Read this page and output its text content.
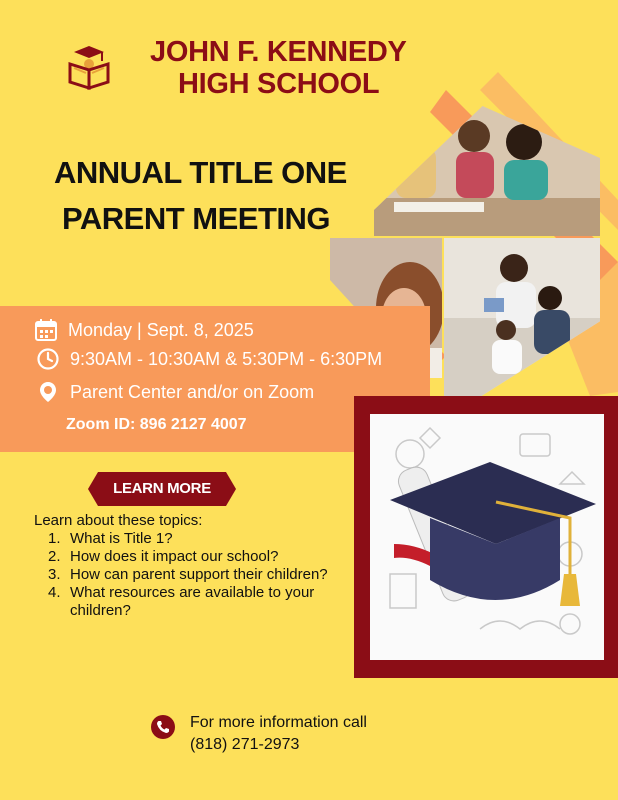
JOHN F. KENNEDY
HIGH SCHOOL
ANNUAL TITLE ONE
PARENT MEETING
Monday | Sept. 8, 2025
9:30AM - 10:30AM & 5:30PM - 6:30PM
Parent Center and/or on Zoom
Zoom ID: 896 2127 4007
LEARN MORE
Learn about these topics:
1. What is Title 1?
2. How does it impact our school?
3. How can parent support their children?
4. What resources are available to your children?
For more information call
(818) 271-2973
